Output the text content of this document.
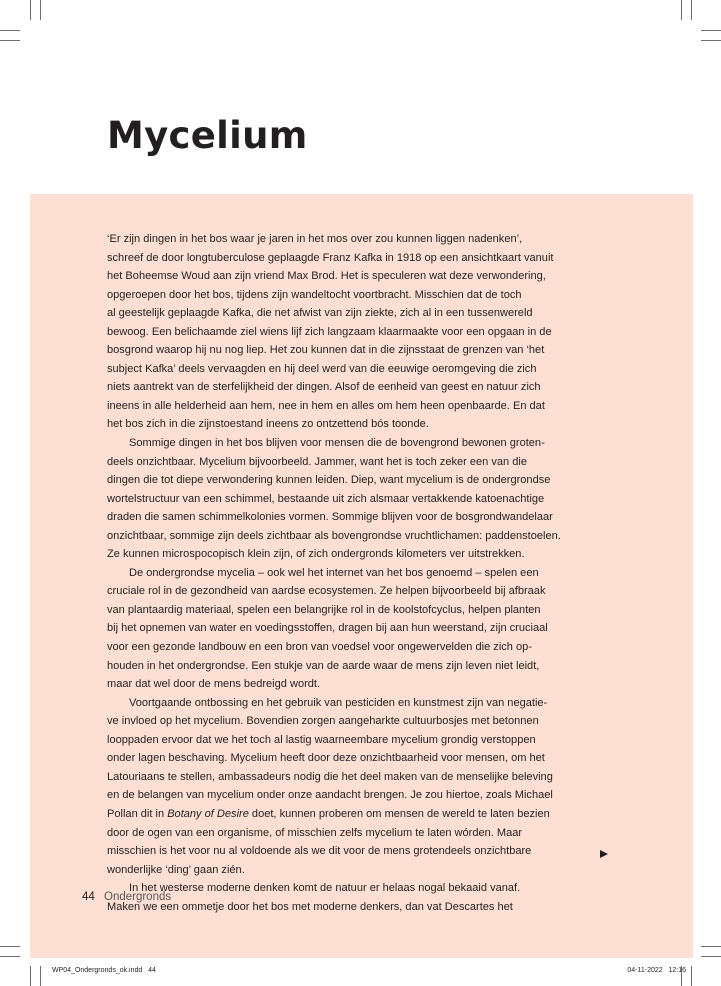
Mycelium
‘Er zijn dingen in het bos waar je jaren in het mos over zou kunnen liggen nadenken’,
schreef de door longtuberculose geplaagde Franz Kafka in 1918 op een ansichtkaart vanuit
het Boheemse Woud aan zijn vriend Max Brod. Het is speculeren wat deze verwondering,
opgeroepen door het bos, tijdens zijn wandeltocht voortbracht. Misschien dat de toch
al geestelijk geplaagde Kafka, die net afwist van zijn ziekte, zich al in een tussenwereld
bewoog. Een belichaamde ziel wiens lijf zich langzaam klaarmaakte voor een opgaan in de
bosgrond waarop hij nu nog liep. Het zou kunnen dat in die zijnsstaat de grenzen van ‘het
subject Kafka’ deels vervaagden en hij deel werd van die eeuwige oeromgeving die zich
niets aantrekt van de sterfelijkheid der dingen. Alsof de eenheid van geest en natuur zich
ineens in alle helderheid aan hem, nee in hem en alles om hem heen openbaarde. En dat
het bos zich in die zijnstoestand ineens zo ontzettend bós toonde.
Sommige dingen in het bos blijven voor mensen die de bovengrond bewonen groten-
deels onzichtbaar. Mycelium bijvoorbeeld. Jammer, want het is toch zeker een van die
dingen die tot diepe verwondering kunnen leiden. Diep, want mycelium is de ondergrondse
wortelstructuur van een schimmel, bestaande uit zich alsmaar vertakkende katoenachtige
draden die samen schimmelkolonies vormen. Sommige blijven voor de bosgrondwandelaar
onzichtbaar, sommige zijn deels zichtbaar als bovengrondse vruchtlichamen: paddenstoelen.
Ze kunnen microspocopisch klein zijn, of zich ondergronds kilometers ver uitstrekken.
De ondergrondse mycelia – ook wel het internet van het bos genoemd – spelen een
cruciale rol in de gezondheid van aardse ecosystemen. Ze helpen bijvoorbeeld bij afbraak
van plantaardig materiaal, spelen een belangrijke rol in de koolstofcyclus, helpen planten
bij het opnemen van water en voedingsstoffen, dragen bij aan hun weerstand, zijn cruciaal
voor een gezonde landbouw en een bron van voedsel voor ongewervelden die zich op-
houden in het ondergrondse. Een stukje van de aarde waar de mens zijn leven niet leidt,
maar dat wel door de mens bedreigd wordt.
Voortgaande ontbossing en het gebruik van pesticiden en kunstmest zijn van negatie-
ve invloed op het mycelium. Bovendien zorgen aangeharkte cultuurbosjes met betonnen
looppaden ervoor dat we het toch al lastig waarneembare mycelium grondig verstoppen
onder lagen beschaving. Mycelium heeft door deze onzichtbaarheid voor mensen, om het
Latouriaans te stellen, ambassadeurs nodig die het deel maken van de menselijke beleving
en de belangen van mycelium onder onze aandacht brengen. Je zou hiertoe, zoals Michael
Pollan dit in Botany of Desire doet, kunnen proberen om mensen de wereld te laten bezien
door de ogen van een organisme, of misschien zelfs mycelium te laten wórden. Maar
misschien is het voor nu al voldoende als we dit voor de mens grotendeels onzichtbare
wonderlijke ‘ding’ gaan zién.
In het westerse moderne denken komt de natuur er helaas nogal bekaaid vanaf.
Maken we een ommetje door het bos met moderne denkers, dan vat Descartes het
44 Ondergronds
WP04_Ondergronds_ok.indd   44	04-11-2022   12:16
